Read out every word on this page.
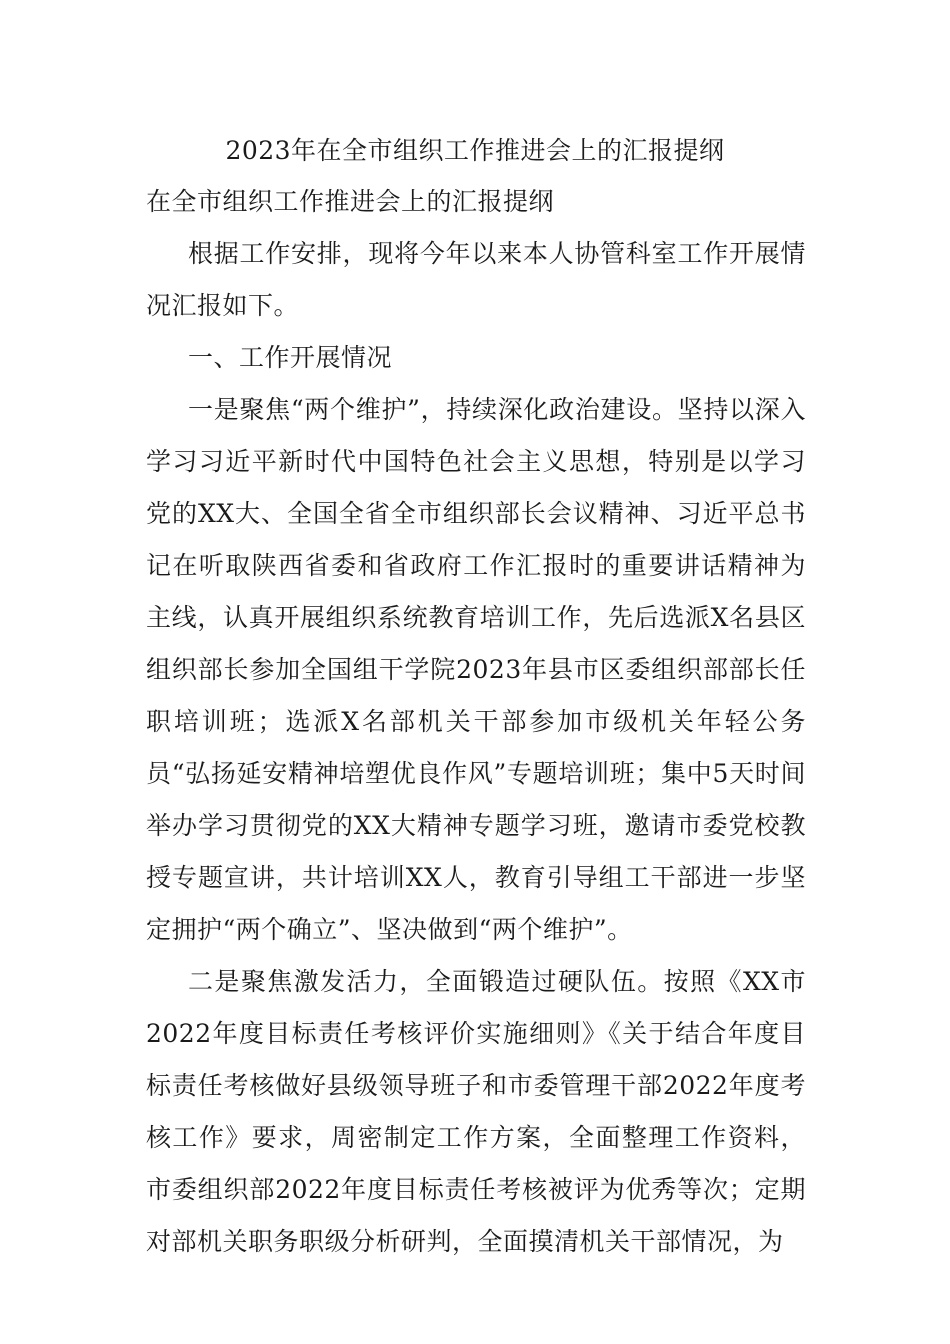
2023年在全市组织工作推进会上的汇报提纲
在全市组织工作推进会上的汇报提纲

根据工作安排，现将今年以来本人协管科室工作开展情况汇报如下。

一、工作开展情况

一是聚焦“两个维护”，持续深化政治建设。坚持以深入学习习近平新时代中国特色社会主义思想，特别是以学习党的XX大、全国全省全市组织部长会议精神、习近平总书记在听取陕西省委和省政府工作汇报时的重要讲话精神为主线，认真开展组织系统教育培训工作，先后选派X名县区组织部长参加全国组干学院2023年县市区委组织部部长任职培训班；选派X名部机关干部参加市级机关年轻公务员“弘扬延安精神培塑优良作风”专题培训班；集中5天时间举办学习贯彻党的XX大精神专题学习班，邀请市委党校教授专题宣讲，共计培训XX人，教育引导组工干部进一步坚定拥护“两个确立”、坚决做到“两个维护”。

二是聚焦激发活力，全面锻造过硬队伍。按照《XX市2022年度目标责任考核评价实施细则》《关于结合年度目标责任考核做好县级领导班子和市委管理干部2022年度考核工作》要求，周密制定工作方案，全面整理工作资料，市委组织部2022年度目标责任考核被评为优秀等次；定期对部机关职务职级分析研判，全面摸清机关干部情况，为
